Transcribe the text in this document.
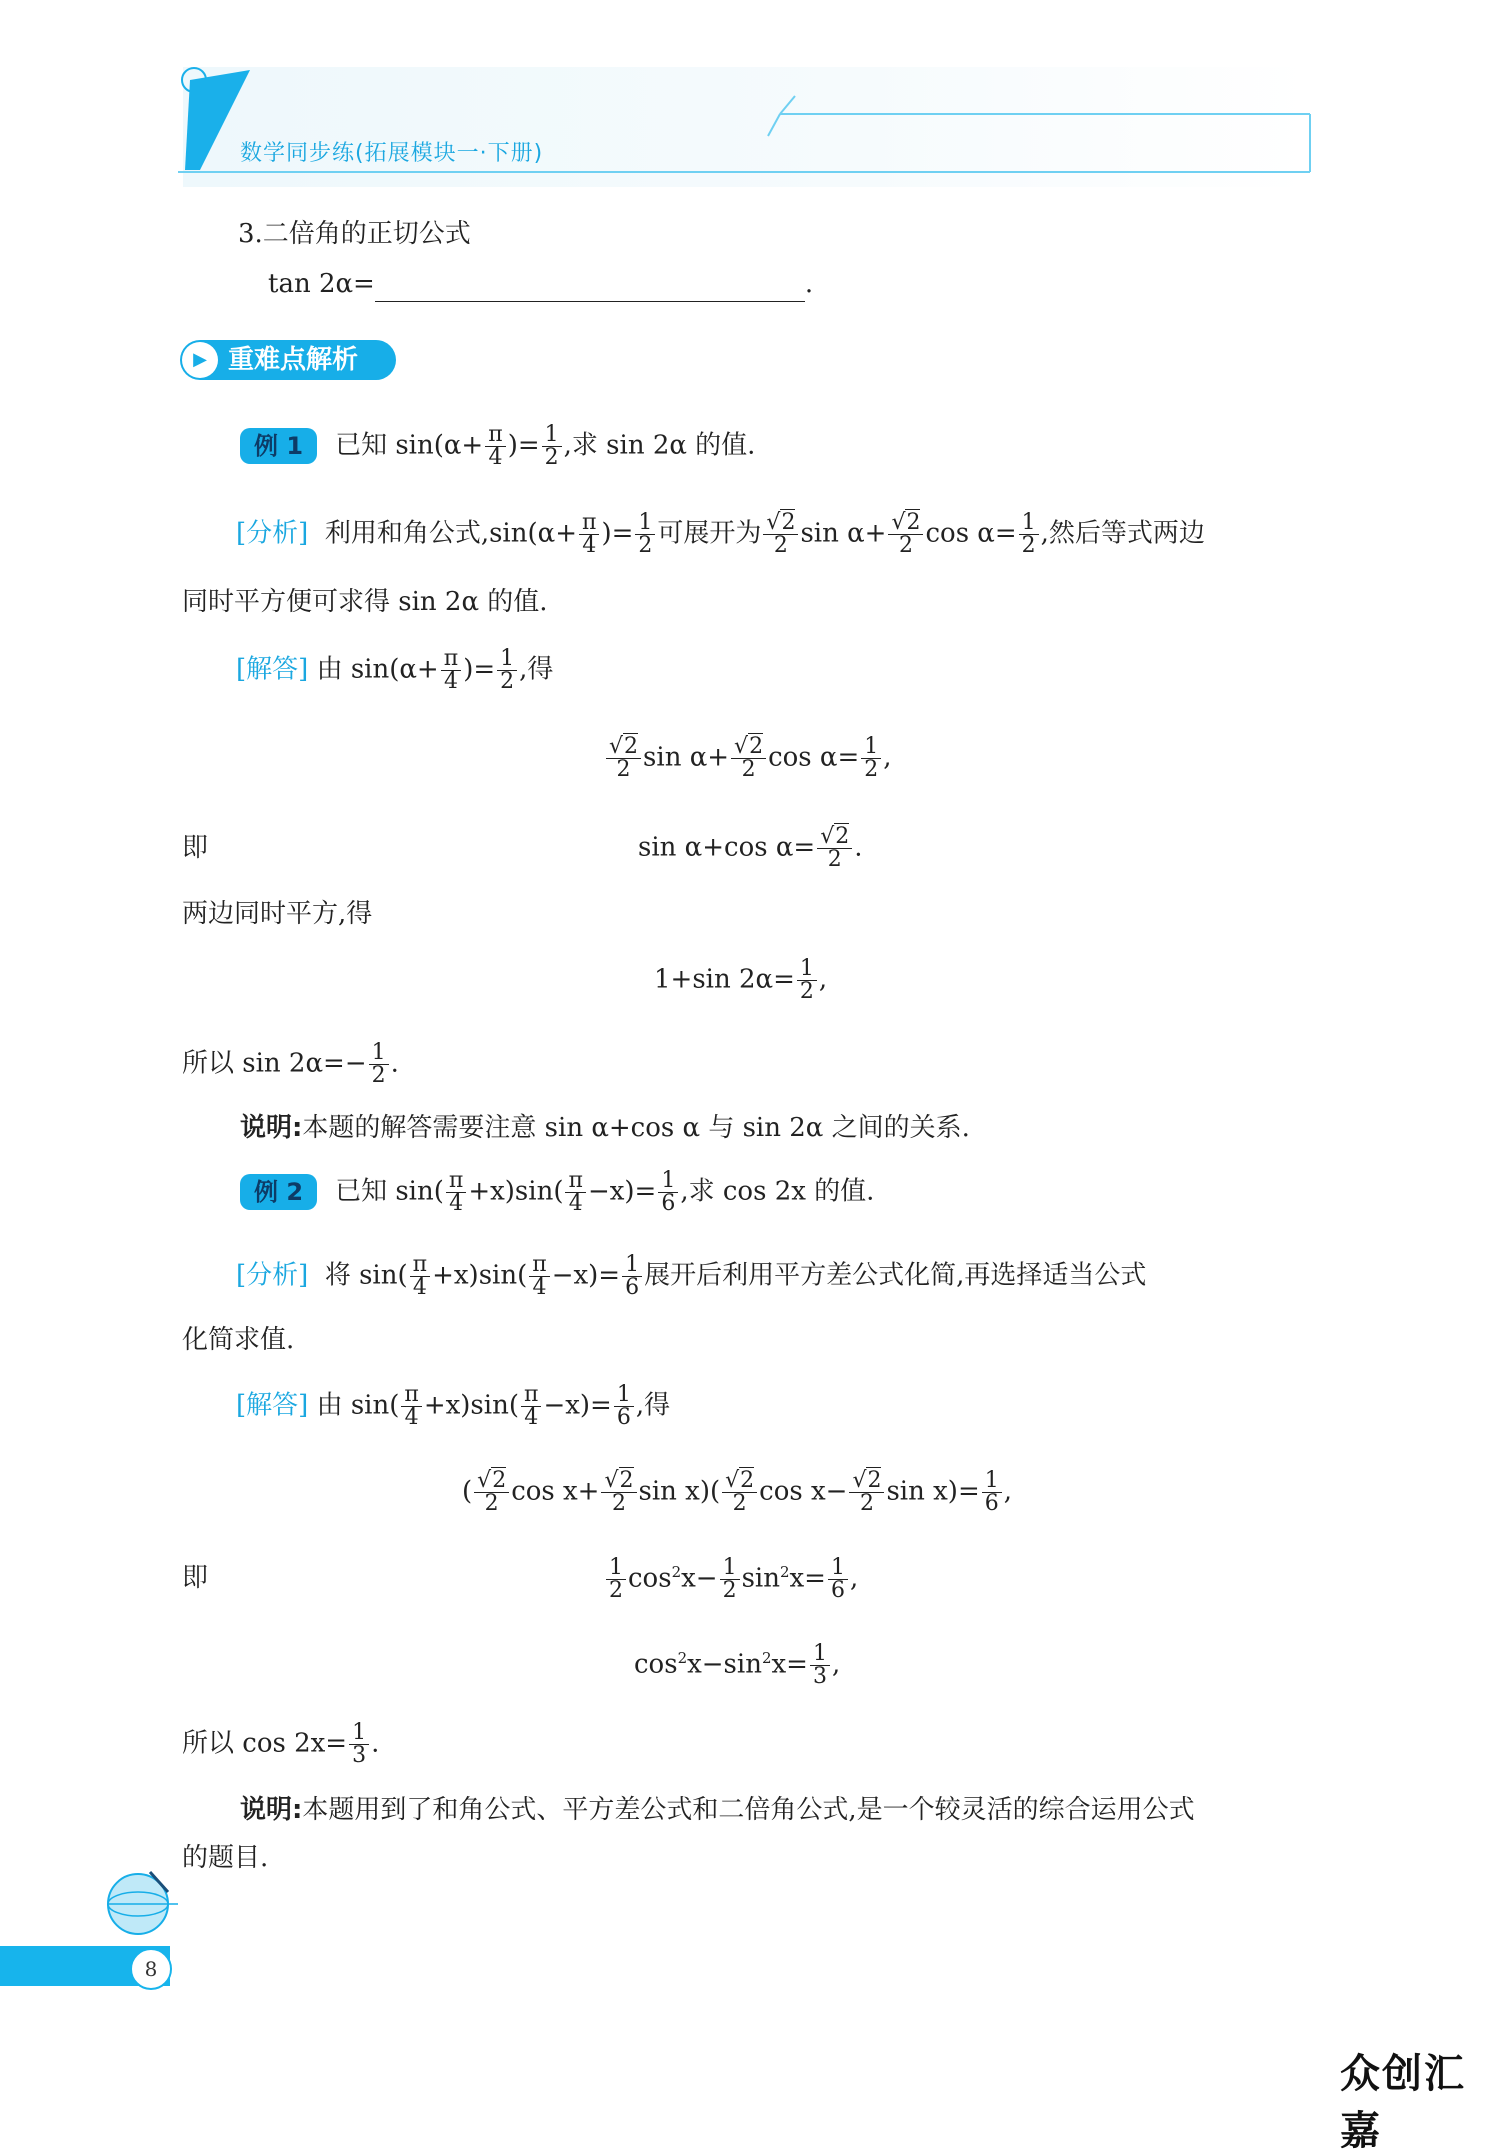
数学同步练(拓展模块一·下册)
3.二倍角的正切公式
tan 2α=	.
▶ 重难点解析
例 1 已知 $\sin(\alpha+ \frac{\pi}{4}$ )= $\frac{1}{2}$ ,求 sin 2α 的值.
[分析] 利用和角公式$,\sin(\alpha+ \frac{\pi}{4}$ )= $\frac{1}{2}$ 可展开为 $\frac{√2}{2}$ $\sin \alpha+ \frac{√2}{2}$ $\cos \alpha= \frac{1}{2}$ ,然后等式两边
同时平方便可求得 sin 2α 的值.
[解答] 由 $\sin(\alpha+ \frac{\pi}{4}$ )= $\frac{1}{2}$ ,得
$\frac{√2}{2}$ $\sin \alpha+ \frac{√2}{2}$ $\cos \alpha= \frac{1}{2}$ ,
即	sin α+cos $\alpha= \frac{√2}{2}$ .
两边同时平方,得
1+sin $2\alpha= \frac{1}{2}$ ,
所以 $\sin 2\alpha=- \frac{1}{2}$ .
说明:本题的解答需要注意 sin α+cos α 与 sin 2α 之间的关系.
例 2 已知 $\sin( \frac{\pi}{4} +x)\sin( \frac{\pi}{4} -x)= \frac{1}{6}$ ,求 cos 2x 的值.
[分析] 将 $\sin( \frac{\pi}{4} +x)\sin( \frac{\pi}{4} -x)= \frac{1}{6}$ 展开后利用平方差公式化简,再选择适当公式
化简求值.
[解答] 由 $\sin( \frac{\pi}{4} +x)\sin( \frac{\pi}{4} -x)= \frac{1}{6}$ ,得
( $\frac{√2}{2}$ $\cos x+ \frac{√2}{2}$ $\sin x)( \frac{√2}{2}$ $\cos x- \frac{√2}{2}$ $\sin x)= \frac{1}{6}$ ,
即	$\frac{1}{2} \cos^2x- \frac{1}{2} \sin^2x= \frac{1}{6}$ ,
$\cos^2x-\sin^2x= \frac{1}{3}$ ,
所以 $\cos 2x= \frac{1}{3}$ .
说明:本题用到了和角公式、平方差公式和二倍角公式,是一个较灵活的综合运用公式
的题目.
8
众创汇嘉
